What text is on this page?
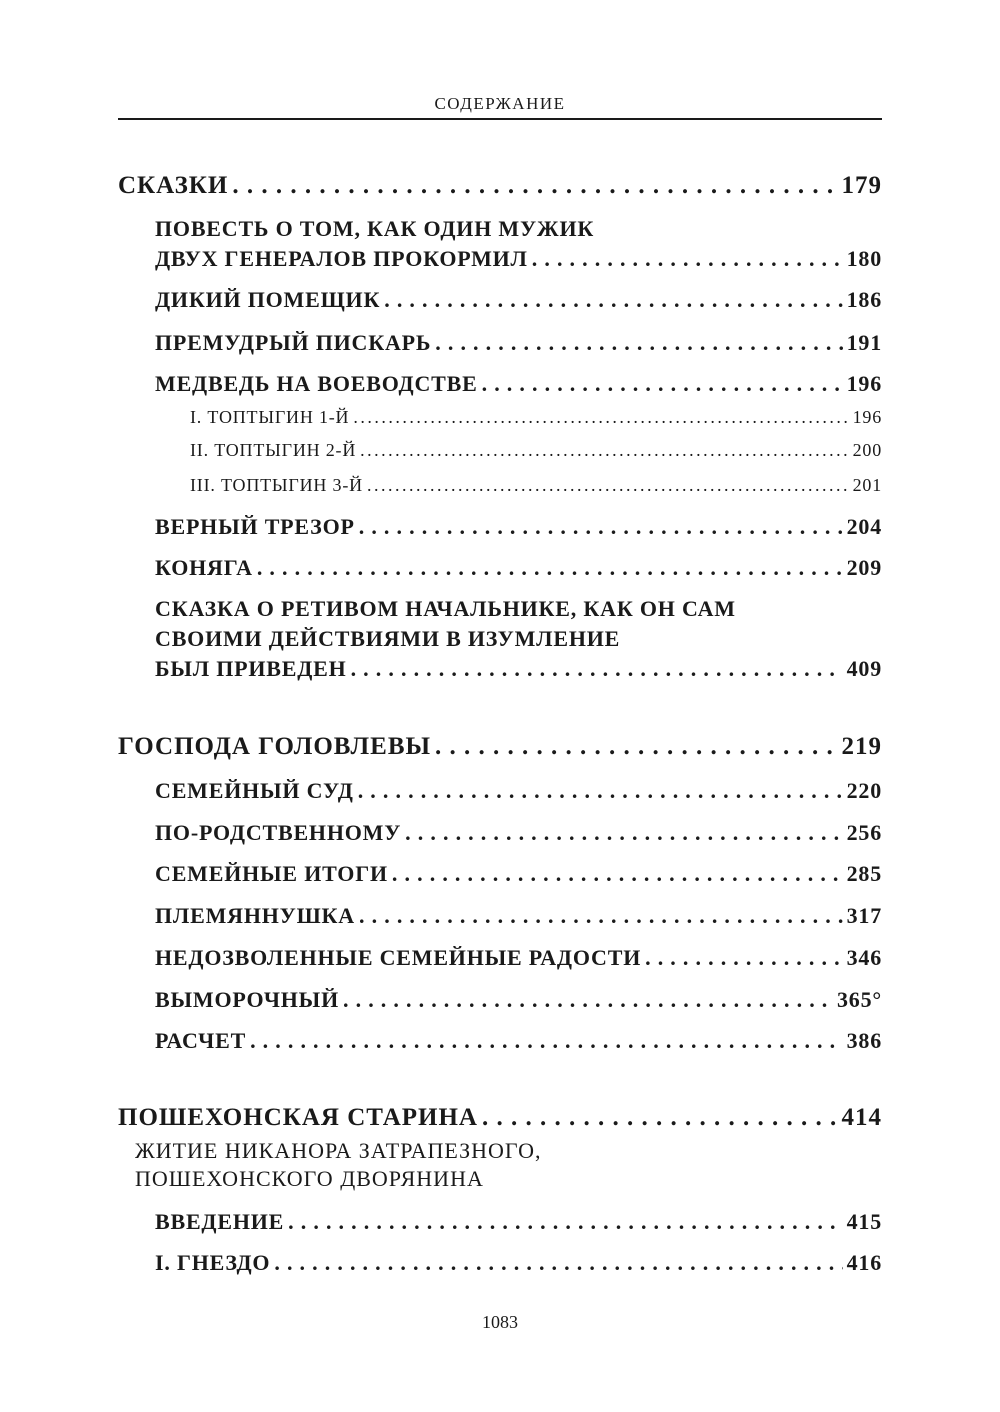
СОДЕРЖАНИЕ
СКАЗКИ . . .	179
ПОВЕСТЬ О ТОМ, КАК ОДИН МУЖИК
ДВУХ ГЕНЕРАЛОВ ПРОКОРМИЛ . . .	180
ДИКИЙ ПОМЕЩИК . . .	186
ПРЕМУДРЫЙ ПИСКАРЬ . . .	191
МЕДВЕДЬ НА ВОЕВОДСТВЕ . . .	196
I. ТОПТЫГИН 1-Й . . .	196
II. ТОПТЫГИН 2-Й . . .	200
III. ТОПТЫГИН 3-Й . . .	201
ВЕРНЫЙ ТРЕЗОР . . .	204
КОНЯГА . . .	209
СКАЗКА О РЕТИВОМ НАЧАЛЬНИКЕ, КАК ОН САМ
СВОИМИ ДЕЙСТВИЯМИ В ИЗУМЛЕНИЕ
БЫЛ ПРИВЕДЕН . . .	409
ГОСПОДА ГОЛОВЛЕВЫ . . .	219
СЕМЕЙНЫЙ СУД . . .	220
ПО-РОДСТВЕННОМУ . . .	256
СЕМЕЙНЫЕ ИТОГИ . . .	285
ПЛЕМЯННУШКА . . .	317
НЕДОЗВОЛЕННЫЕ СЕМЕЙНЫЕ РАДОСТИ . . .	346
ВЫМОРОЧНЫЙ . . .	365°
РАСЧЕТ . . .	386
ПОШЕХОНСКАЯ СТАРИНА . . .	414
ЖИТИЕ НИКАНОРА ЗАТРАПЕЗНОГО,
ПОШЕХОНСКОГО ДВОРЯНИНА
ВВЕДЕНИЕ . . .	415
I. ГНЕЗДО . . .	416
1083
